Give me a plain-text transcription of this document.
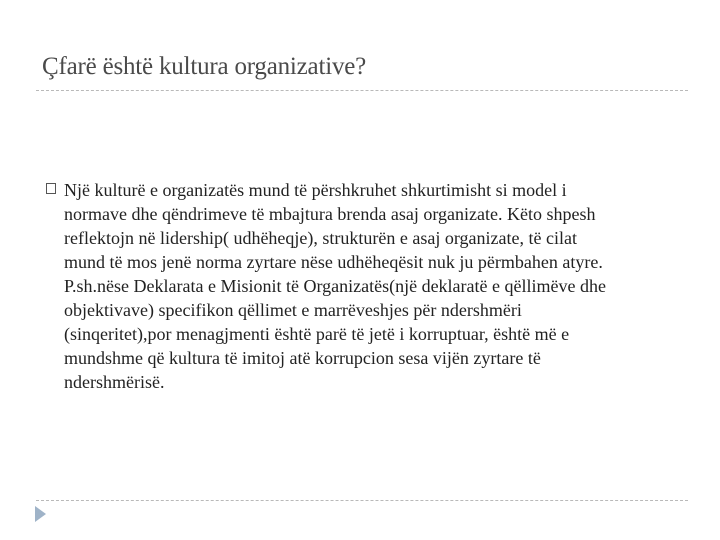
Çfarë është kultura organizative?
Një kulturë e organizatës mund të përshkruhet shkurtimisht si model i
normave dhe qëndrimeve të mbajtura brenda asaj organizate. Këto shpesh
reflektojn në lidership( udhëheqje), strukturën e asaj organizate, të cilat
mund të mos jenë norma zyrtare nëse udhëheqësit nuk ju përmbahen atyre.
P.sh.nëse Deklarata e Misionit të Organizatës(një deklaratë e qëllimëve dhe
objektivave) specifikon qëllimet e marrëveshjes për ndershmëri
(sinqeritet),por menagjmenti është parë të jetë i korruptuar, është më e
mundshme që kultura të imitoj atë korrupcion sesa vijën zyrtare të
ndershmërisë.
